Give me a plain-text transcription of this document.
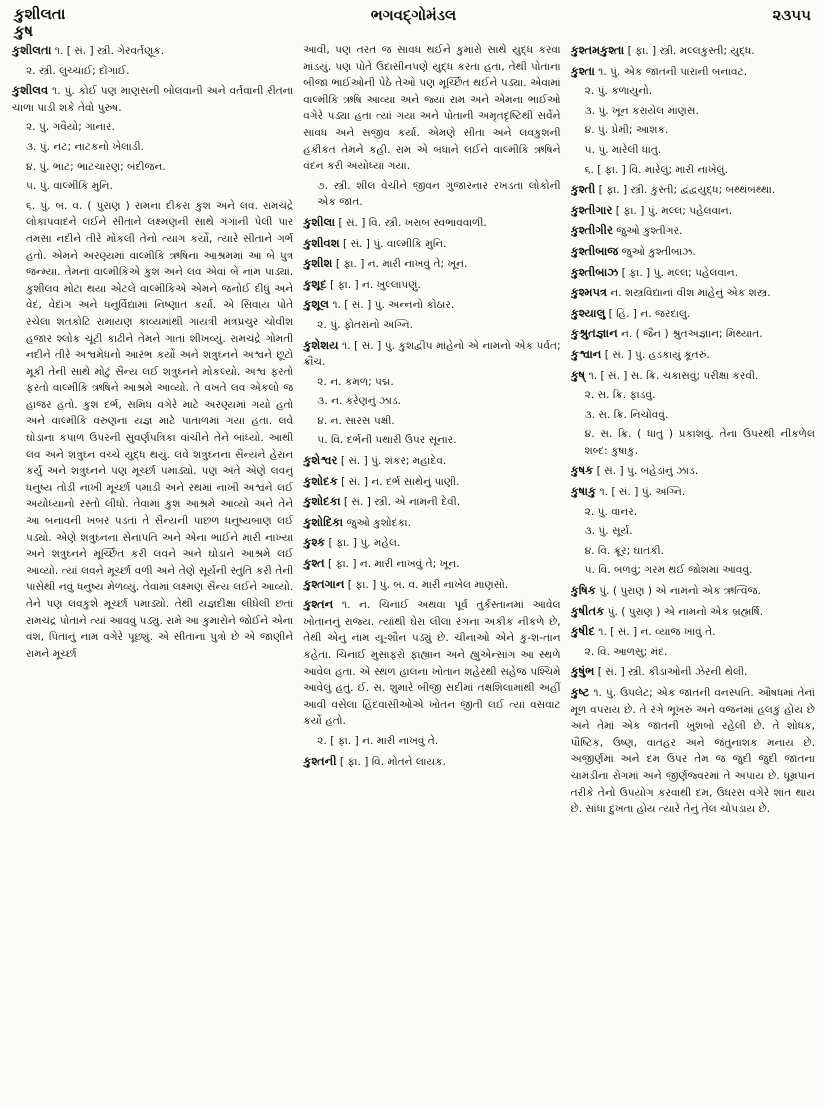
કુશીલતા
કુષ
ભગવદ્ગોમંડલ	૨૩૫૫

કુશીલતા ૧. [ સં. ] સ્ત્રી. ગેરવર્તણૂક.

૨. સ્ત્રી. લુચ્ચાઈ; દોંગાઈ.

કુશીલવ ૧. પું. કોઈ પણ માણસની બોલવાની અને વર્તવાની રીતના ચાળા પાડી શકે તેવો પુરુષ.

૨. પું. ગવૈયો; ગાનાર.

૩. પું. નટ; નાટકનો ખેલાડી.

૪. પું. ભાટ; ભાટચારણ; બંદીજન.

૫. પું. વાલ્મીકિ મુનિ.

૬. પું. બ. વ. ( પુરાણ ) રામના દીકરા કુશ અને લવ. રામચંદ્રે લોકાપવાદને લઈને સીતાને લક્ષ્મણની સાથે ગંગાની પેલી પાર તમસા નદીને તીરે મોકલી તેનો ત્યાગ કર્યો, ત્યારે સીતાને ગર્ભ હતો. એમને અરણ્યમાં વાલ્મીકિ ઋષિના આશ્રમમાં આ બે પુત્ર જન્મ્યા. તેમનાં વાલ્મીકિએ કુશ અને લવ એવાં બે નામ પાડ્યાં. કુશીલવ મોટા થયા એટલે વાલ્મીકિએ એમને જનોઈ દીધું અને વેદ, વેદાંગ અને ધનુર્વિદ્યામાં નિષ્ણાત કર્યા. એ સિવાય પોતે રચેલા શતકોટિ રામાયણ કાવ્યમાંથી ગાયત્રી મંત્રપ્રચુર ચોવીશ હજાર શ્લોક ચૂંટી કાઢીને તેમને ગાતાં શીખવ્યું. રામચંદ્રે ગોમતી નદીને તીરે અશ્વમેધનો આરંભ કર્યો અને શત્રુઘ્નને અશ્વને છૂટો મૂકી તેની સાથે મોટું સૈન્ય લઈ શત્રુઘ્નને મોકલ્યો. અશ્વ ફરતો ફરતો વાલ્મીકિ ઋષિને આશ્રમે આવ્યો. તે વખતે લવ એકલો જ હાજર હતો. કુશ દર્ભ, સમિધ વગેરે માટે અરણ્યમાં ગયો હતો અને વાલ્મીકિ વરુણના યજ્ઞ માટે પાતાળમાં ગયા હતા. લવે ઘોડાના કપાળ ઉપરની સુવર્ણપત્રિકા વાંચીને તેને બાંધ્યો. આથી લવ અને શત્રુઘ્ન વચ્ચે યુદ્ધ થયું. લવે શત્રુઘ્નના સૈન્યને હેરાન કર્યું અને શત્રુઘ્નને પણ મૂર્ચ્છા પમાડ્યો. પણ અંતે એણે લવનું ધનુષ્ય તોડી નાખી મૂર્ચ્છા પમાડી અને રથમાં નાખી અશ્વને લઈ અયોધ્યાનો રસ્તો લીધો. તેવામાં કુશ આશ્રમે આવ્યો અને તેને આ બનાવની ખબર પડતાં તે સૈન્યની પાછળ ધનુષ્યબાણ લઈ પડ્યો. એણે શત્રુઘ્નના સેનાપતિ અને એના ભાઈને મારી નાખ્યા અને શત્રુઘ્નને મૂર્ચ્છિત કરી લવને અને ઘોડાને આશ્રમે લઈ આવ્યો. ત્યાં લવને મૂર્ચ્છા વળી અને તેણે સૂર્યની સ્તુતિ કરી તેની પાસેથી નવું ધનુષ્ય મેળવ્યું. તેવામાં લક્ષ્મણ સૈન્ય લઈને આવ્યો. તેને પણ લવકુશે મૂર્ચ્છા પમાડ્યો. તેથી યજ્ઞદીક્ષા લીધેલી છતાં રામચંદ્ર પોતાને ત્યાં આવવું પડ્યું. રામે આ કુમારોને જોઈને એના વંશ, પિતાનું નામ વગેરે પૂછ્યું. એ સીતાના પુત્રો છે એ જાણીને રામને મૂર્ચ્છા

આવી, પણ તરત જ સાવધ થઈને કુમારો સાથે યુદ્ધ કરવા માંડયું. પણ પોતે ઉદાસીનપણે યુદ્ધ કરતા હતા, તેથી પોતાના બીજા ભાઈઓની પેઠે તેઓ પણ મૂર્ચ્છિત થઈને પડ્યા. એવામાં વાલ્મીકિ ઋષિ આવ્યા અને જ્યાં રામ અને એમના ભાઈઓ વગેરે પડ્યા હતા ત્યાં ગયા અને પોતાની અમૃતદૃષ્ટિથી સર્વેને સાવધ અને સજીવ કર્યા. એમણે સીતા અને લવકુશની હકીકત તેમને કહી. રામ એ બધાને લઈને વાલ્મીકિ ઋષિને વંદન કરી અયોધ્યા ગયા.

૭. સ્ત્રી. શીલ વેચીને જીવન ગુજારનાર રખડતા લોકોની એક જાત.

કુશીલા [ સં. ] વિ. સ્ત્રી. ખરાબ સ્વભાવવાળી.

કુશીવશ [ સં. ] પું. વાલ્મીકિ મુનિ.

કુશીશ [ ફા. ] ન. મારી નાખવું તે; ખૂન.

કુશૂદ [ ફા. ] ન. ખુલ્લાપણું.

કુશૂલ ૧. [ સં. ] પું. અન્નનો કોઠાર.

૨. પું. ફોતરાંનો અગ્નિ.

કુશેશય ૧. [ સં. ] પું. કુશદ્વીપ માંહેનો એ નામનો એક પર્વત; ક્રૌંચ.

૨. ન. કમળ; પદ્મ.

૩. ન. કરેણનું ઝાડ.

૪. ન. સારસ પક્ષી.

૫. વિ. દર્ભની પથારી ઉપર સૂનાર.

કુશેશ્વર [ સં. ] પું. શંકર; મહાદેવ.

કુશોદક [ સં. ] ન. દર્ભ સાથેનું પાણી.

કુશોદકા [ સં. ] સ્ત્રી. એ નામની દેવી.

કુશોદિકા જુઓ કુશોદકા.

કુશ્ક [ ફા. ] પું. મહેલ.

કુશ્ત [ ફા. ] ન. મારી નાખવું તે; ખૂન.

કુશ્તગાન [ ફા. ] પું. બ. વ. મારી નાખેલ માણસો.

કુશ્તન ૧. ન. ચિનાઈ અથવા પૂર્વ તુર્કસ્તાનમાં આવેલ ખોતાનનું રાજ્ય. ત્યાંથી ઘેરા લીલા રંગના અકીક નીકળે છે, તેથી એનું નામ યૂ-શૌન પડ્યું છે. ચીનાઓ એને કુ-શ-તાન કહેતા. ચિનાઈ મુસાફરો ફાહ્યાન અને હ્યુએન્સાંગ આ સ્થળે આવેલ હતા. એ સ્થળ હાલના ખોતાન શહેરથી સહેજ પશ્ચિમે આવેલું હતું. ઈ. સ. શુમારે બીજી સદીમાં તક્ષશિલામાંથી અહીં આવી વસેલા હિંદવાસીઓએ ખોતન જીતી લઈ ત્યાં વસવાટ કર્યો હતો.

૨. [ ફા. ] ન. મારી નાખવું તે.

કુશ્તની [ ફા. ] વિ. મોતને લાયક.

કુશ્તમકુશ્તા [ ફા. ] સ્ત્રી. મલ્લકુસ્તી; યુદ્ધ.

કુશ્તા ૧. પું. એક જાતની પારાની બનાવટ.

૨. પું. કળાયુનો.

૩. પું. ખૂન કરાયેલ માણસ.

૪. પું. પ્રેમી; આશક.

૫. પું. મારેલી ધાતુ.

૬. [ ફા. ] વિ. મારેલું; મારી નાખેલું.

કુશ્તી [ ફા. ] સ્ત્રી. કુસ્તી; દ્વંદ્વયુદ્ધ; બથ્થંબથ્થા.

કુશ્તીગાર [ ફા. ] પું. મલ્લ; પહેલવાન.

કુશ્તીગીર જુઓ કુશ્તીગર.

કુશ્તીબાજ જુઓ કુશ્તીબાઝ.

કુશ્તીબાઝ [ ફા. ] પું. મલ્લ; પહેલવાન.

કુશ્મપત્ર ન. શસ્ત્રવિદ્યાનાં વીશ માંહેનું એક શસ્ત્ર.

કુશ્યાલુ [ હિં. ] ન. જરદાલુ.

કુશ્રુતજ્ઞાન ન. ( જૈન ) શ્રુતઅજ્ઞાન; મિથ્યાત.

કુશ્વાન [ સં. ] પું. હડકાયું કૂતરું.

કુષ્ ૧. [ સં. ] સ. ક્રિ. ચકાસવું; પરીક્ષા કરવી.

૨. સ. ક્રિ. ફાડવું.

૩. સ. ક્રિ. નિચોવવું.

૪. સ. ક્રિ. ( ધાતુ ) પ્રકાશવું. તેના ઉપરથી નીકળેલ શબ્દ: કુષાકુ.

કુષક [ સં. ] પું. બહેડાંનું ઝાડ.

કુષાકુ ૧. [ સં. ] પું. અગ્નિ.

૨. પું. વાનર.

૩. પું. સૂર્ય.

૪. વિ. ક્રૂર; ઘાતકી.

૫. વિ. બળવું; ગરમ થઈ જોશમાં આવવું.

કુષિક પું. ( પુરાણ ) એ નામનો એક ઋત્વિજ.

કુષીતક પું. ( પુરાણ ) એ નામનો એક બ્રહ્મર્ષિ.

કુષીદ ૧. [ સં. ] ન. વ્યાજ ખાવું તે.

૨. વિ. આળસુ; મંદ.

કુષુંભ [ સં. ] સ્ત્રી. કીડાઓની ઝેરની થેલી.

કુષ્ટ ૧. પું. ઉપલેટ; એક જાતની વનસ્પતિ. ઔષધમાં તેનાં મૂળ વપરાય છે. તે રંગે ભૂખરું અને વજનમાં હલકું હોય છે અને તેમાં એક જાતની ખુશબો રહેલી છે. તે શોધક, પૌષ્ટિક, ઉષ્ણ, વાતહર અને જંતુનાશક મનાય છે. અજીર્ણમાં અને દમ ઉપર તેમ જ જુદી જુદી જાતના ચામડીના રોગમાં અને જીર્ણજ્વરમાં તે અપાય છે. ધૂમ્રપાન તરીકે તેનો ઉપયોગ કરવાથી દમ, ઉધરસ વગેરે શાંત થાય છે. સાંધા દુખતા હોય ત્યારે તેનું તેલ ચોપડાય છે.
